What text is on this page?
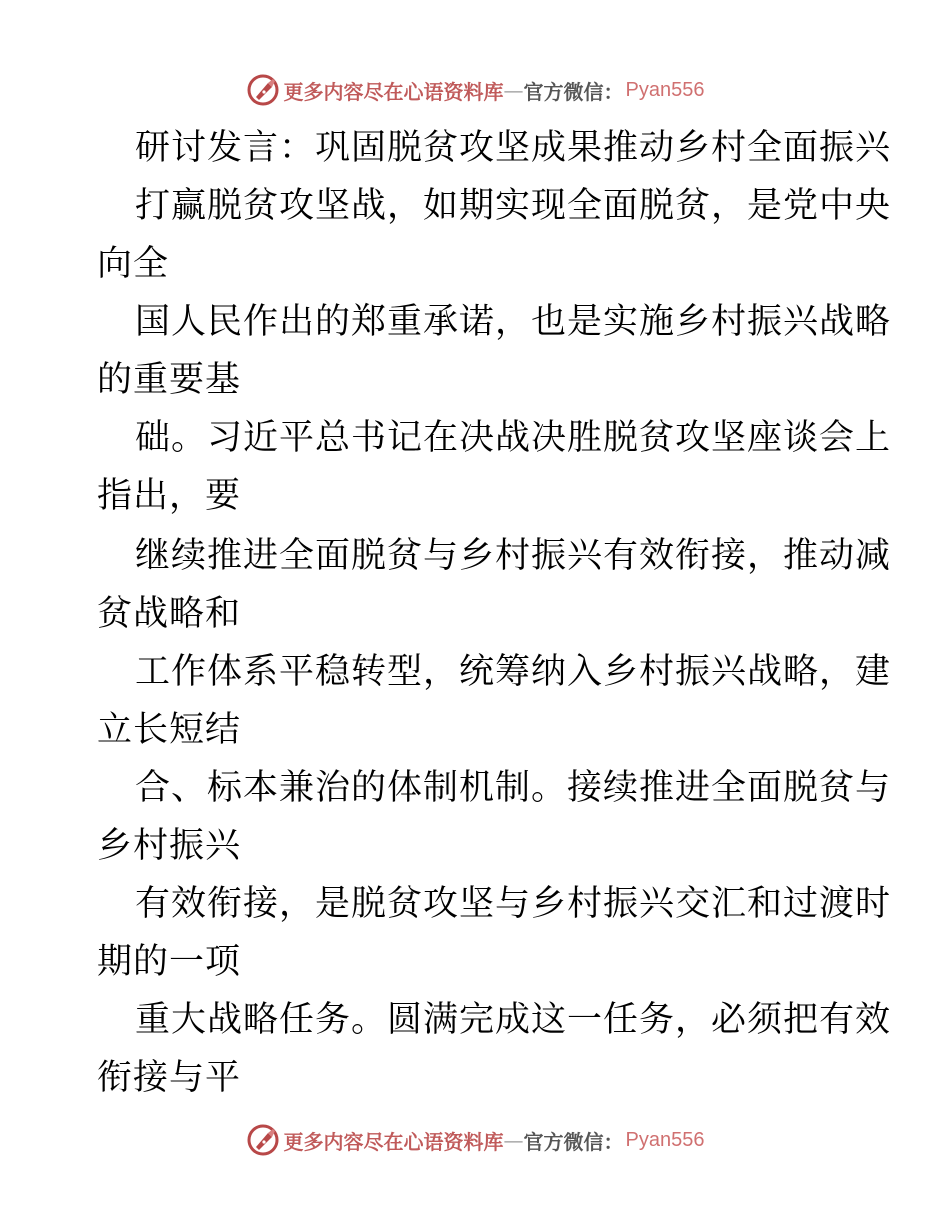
更多内容尽在心语资料库 — 官方微信： Pyan556
研讨发言：巩固脱贫攻坚成果推动乡村全面振兴
打赢脱贫攻坚战，如期实现全面脱贫，是党中央
向全
国人民作出的郑重承诺，也是实施乡村振兴战略
的重要基
础。习近平总书记在决战决胜脱贫攻坚座谈会上
指出，要
继续推进全面脱贫与乡村振兴有效衔接，推动减
贫战略和
工作体系平稳转型，统筹纳入乡村振兴战略，建
立长短结
合、标本兼治的体制机制。接续推进全面脱贫与
乡村振兴
有效衔接，是脱贫攻坚与乡村振兴交汇和过渡时
期的一项
重大战略任务。圆满完成这一任务，必须把有效
衔接与平
更多内容尽在心语资料库 — 官方微信： Pyan556
